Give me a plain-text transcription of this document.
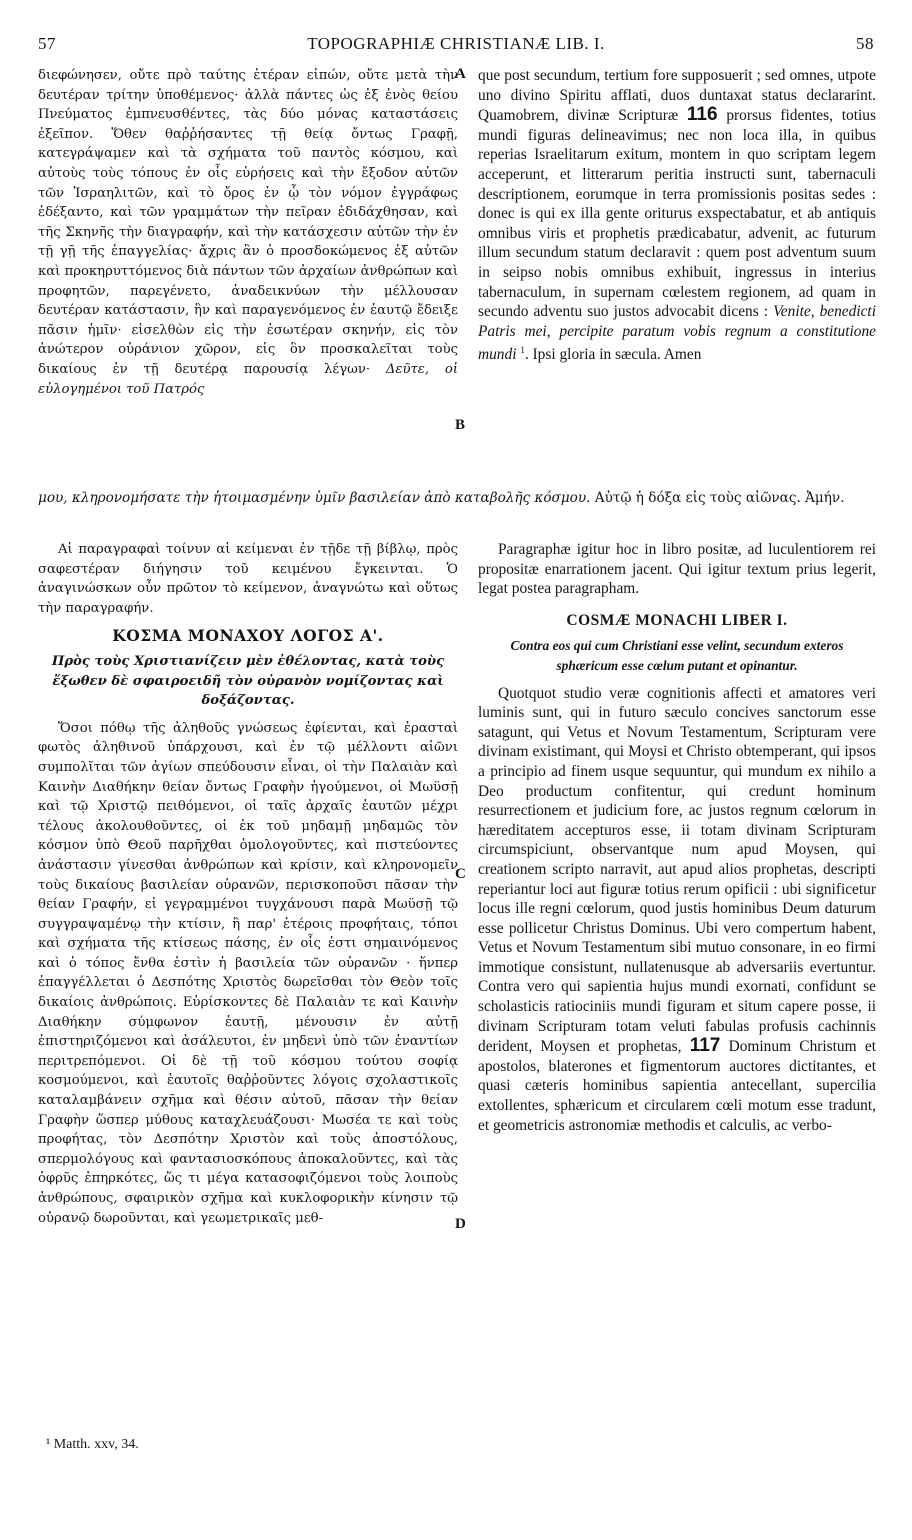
57	TOPOGRAPHIÆ CHRISTIANÆ LIB. I.	58
A
B
C
D

διεφώνησεν, οὔτε πρὸ ταύτης ἑτέραν εἰπών, οὔτε μετὰ τὴν δευτέραν τρίτην ὑποθέμενος· ἀλλὰ πάντες ὡς ἐξ ἑνὸς θείου Πνεύματος ἐμπνευσθέντες, τὰς δύο μόνας καταστάσεις ἐξεῖπον. Ὅθεν θαῤῥήσαντες τῇ θείᾳ ὄντως Γραφῇ, κατεγράψαμεν καὶ τὰ σχήματα τοῦ παντὸς κόσμου, καὶ αὐτοὺς τοὺς τόπους ἐν οἷς εὑρήσεις καὶ τὴν ἔξοδον αὐτῶν τῶν Ἰσραηλιτῶν, καὶ τὸ ὄρος ἐν ᾧ τὸν νόμον ἐγγράφως ἐδέξαντο, καὶ τῶν γραμμάτων τὴν πεῖραν ἐδιδάχθησαν, καὶ τῆς Σκηνῆς τὴν διαγραφήν, καὶ τὴν κατάσχεσιν αὐτῶν τὴν ἐν τῇ γῇ τῆς ἐπαγγελίας· ἄχρις ἂν ὁ προσδοκώμενος ἐξ αὐτῶν καὶ προκηρυττόμενος διὰ πάντων τῶν ἀρχαίων ἀνθρώπων καὶ προφητῶν, παρεγένετο, ἀναδεικνύων τὴν μέλλουσαν δευτέραν κατάστασιν, ἣν καὶ παραγενόμενος ἐν ἑαυτῷ ἔδειξε πᾶσιν ἡμῖν· εἰσελθὼν εἰς τὴν ἐσωτέραν σκηνήν, εἰς τὸν ἀνώτερον οὐράνιον χῶρον, εἰς ὃν προσκαλεῖται τοὺς δικαίους ἐν τῇ δευτέρᾳ παρουσίᾳ λέγων· Δεῦτε, οἱ εὐλογημένοι τοῦ Πατρός

que post secundum, tertium fore supposuerit ; sed omnes, utpote uno divino Spiritu afflati, duos duntaxat status declararint. Quamobrem, divinæ Scripturæ 116 prorsus fidentes, totius mundi figuras delineavimus; nec non loca illa, in quibus reperias Israelitarum exitum, montem in quo scriptam legem acceperunt, et litterarum peritia instructi sunt, tabernaculi descriptionem, eorumque in terra promissionis positas sedes : donec is qui ex illa gente oriturus exspectabatur, et ab antiquis omnibus viris et prophetis prædicabatur, advenit, ac futurum illum secundum statum declaravit : quem post adventum suum in seipso nobis omnibus exhibuit, ingressus in interius tabernaculum, in supernam cœlestem regionem, ad quam in secundo adventu suo justos advocabit dicens : Venite, benedicti Patris mei, percipite paratum vobis regnum a constitutione mundi $^1$. Ipsi gloria in sæcula. Amen

μου, κληρονομήσατε τὴν ἡτοιμασμένην ὑμῖν βασιλείαν ἀπὸ καταβολῆς κόσμου. Αὐτῷ ἡ δόξα εἰς τοὺς αἰῶνας. Ἀμήν.

Αἱ παραγραφαὶ τοίνυν αἱ κείμεναι ἐν τῇδε τῇ βίβλῳ, πρὸς σαφεστέραν διήγησιν τοῦ κειμένου ἔγκεινται. Ὁ ἀναγινώσκων οὖν πρῶτον τὸ κείμενον, ἀναγνώτω καὶ οὕτως τὴν παραγραφήν.

ΚΟΣΜΑ ΜΟΝΑΧΟΥ ΛΟΓΟΣ Α'.

Πρὸς τοὺς Χριστιανίζειν μὲν ἐθέλοντας, κατὰ τοὺς ἔξωθεν δὲ σφαιροειδῆ τὸν οὐρανὸν νομίζοντας καὶ δοξάζοντας.

Ὅσοι πόθῳ τῆς ἀληθοῦς γνώσεως ἐφίενται, καὶ ἐρασταὶ φωτὸς ἀληθινοῦ ὑπάρχουσι, καὶ ἐν τῷ μέλλοντι αἰῶνι συμπολῖται τῶν ἁγίων σπεύδουσιν εἶναι, οἱ τὴν Παλαιὰν καὶ Καινὴν Διαθήκην θείαν ὄντως Γραφὴν ἡγούμενοι, οἱ Μωϋσῇ καὶ τῷ Χριστῷ πειθόμενοι, οἱ ταῖς ἀρχαῖς ἑαυτῶν μέχρι τέλους ἀκολουθοῦντες, οἱ ἐκ τοῦ μηδαμῇ μηδαμῶς τὸν κόσμον ὑπὸ Θεοῦ παρῆχθαι ὁμολογοῦντες, καὶ πιστεύοντες ἀνάστασιν γίνεσθαι ἀνθρώπων καὶ κρίσιν, καὶ κληρονομεῖν τοὺς δικαίους βασιλείαν οὐρανῶν, περισκοποῦσι πᾶσαν τὴν θείαν Γραφήν, εἰ γεγραμμένοι τυγχάνουσι παρὰ Μωϋσῇ τῷ συγγραψαμένῳ τὴν κτίσιν, ἢ παρ' ἑτέροις προφήταις, τόποι καὶ σχήματα τῆς κτίσεως πάσης, ἐν οἷς ἐστι σημαινόμενος καὶ ὁ τόπος ἔνθα ἐστὶν ἡ βασιλεία τῶν οὐρανῶν · ἥνπερ ἐπαγγέλλεται ὁ Δεσπότης Χριστὸς δωρεῖσθαι τὸν Θεὸν τοῖς δικαίοις ἀνθρώποις. Εὑρίσκοντες δὲ Παλαιὰν τε καὶ Καινὴν Διαθήκην σύμφωνον ἑαυτῇ, μένουσιν ἐν αὐτῇ ἐπιστηριζόμενοι καὶ ἀσάλευτοι, ἐν μηδενὶ ὑπὸ τῶν ἐναντίων περιτρεπόμενοι. Οἱ δὲ τῇ τοῦ κόσμου τούτου σοφίᾳ κοσμούμενοι, καὶ ἑαυτοῖς θαῤῥοῦντες λόγοις σχολαστικοῖς καταλαμβάνειν σχῆμα καὶ θέσιν αὐτοῦ, πᾶσαν τὴν θείαν Γραφὴν ὥσπερ μύθους καταχλευάζουσι· Μωσέα τε καὶ τοὺς προφήτας, τὸν Δεσπότην Χριστὸν καὶ τοὺς ἀποστόλους, σπερμολόγους καὶ φαντασιοσκόπους ἀποκαλοῦντες, καὶ τὰς ὀφρῦς ἐπηρκότες, ὥς τι μέγα κατασοφιζόμενοι τοὺς λοιποὺς ἀνθρώπους, σφαιρικὸν σχῆμα καὶ κυκλοφορικὴν κίνησιν τῷ οὐρανῷ δωροῦνται, καὶ γεωμετρικαῖς μεθ-

Paragraphæ igitur hoc in libro positæ, ad luculentiorem rei propositæ enarrationem jacent. Qui igitur textum prius legerit, legat postea paragrapham.

COSMÆ MONACHI LIBER I.

Contra eos qui cum Christiani esse velint, secundum exteros sphæricum esse cœlum putant et opinantur.

Quotquot studio veræ cognitionis affecti et amatores veri luminis sunt, qui in futuro sæculo concives sanctorum esse satagunt, qui Vetus et Novum Testamentum, Scripturam vere divinam existimant, qui Moysi et Christo obtemperant, qui ipsos a principio ad finem usque sequuntur, qui mundum ex nihilo a Deo productum confitentur, qui credunt hominum resurrectionem et judicium fore, ac justos regnum cœlorum in hæreditatem accepturos esse, ii totam divinam Scripturam circumspiciunt, observantque num apud Moysen, qui creationem scripto narravit, aut apud alios prophetas, descripti reperiantur loci aut figuræ totius rerum opificii : ubi significetur locus ille regni cœlorum, quod justis hominibus Deum daturum esse pollicetur Christus Dominus. Ubi vero compertum habent, Vetus et Novum Testamentum sibi mutuo consonare, in eo firmi immotique consistunt, nullatenusque ab adversariis evertuntur. Contra vero qui sapientia hujus mundi exornati, confidunt se scholasticis ratiociniis mundi figuram et situm capere posse, ii divinam Scripturam totam veluti fabulas profusis cachinnis derident, Moysen et prophetas, 117 Dominum Christum et apostolos, blaterones et figmentorum auctores dictitantes, et quasi cæteris hominibus sapientia antecellant, supercilia extollentes, sphæricum et circularem cœli motum esse tradunt, et geometricis astronomiæ methodis et calculis, ac verbo-

¹ Matth. xxv, 34.
